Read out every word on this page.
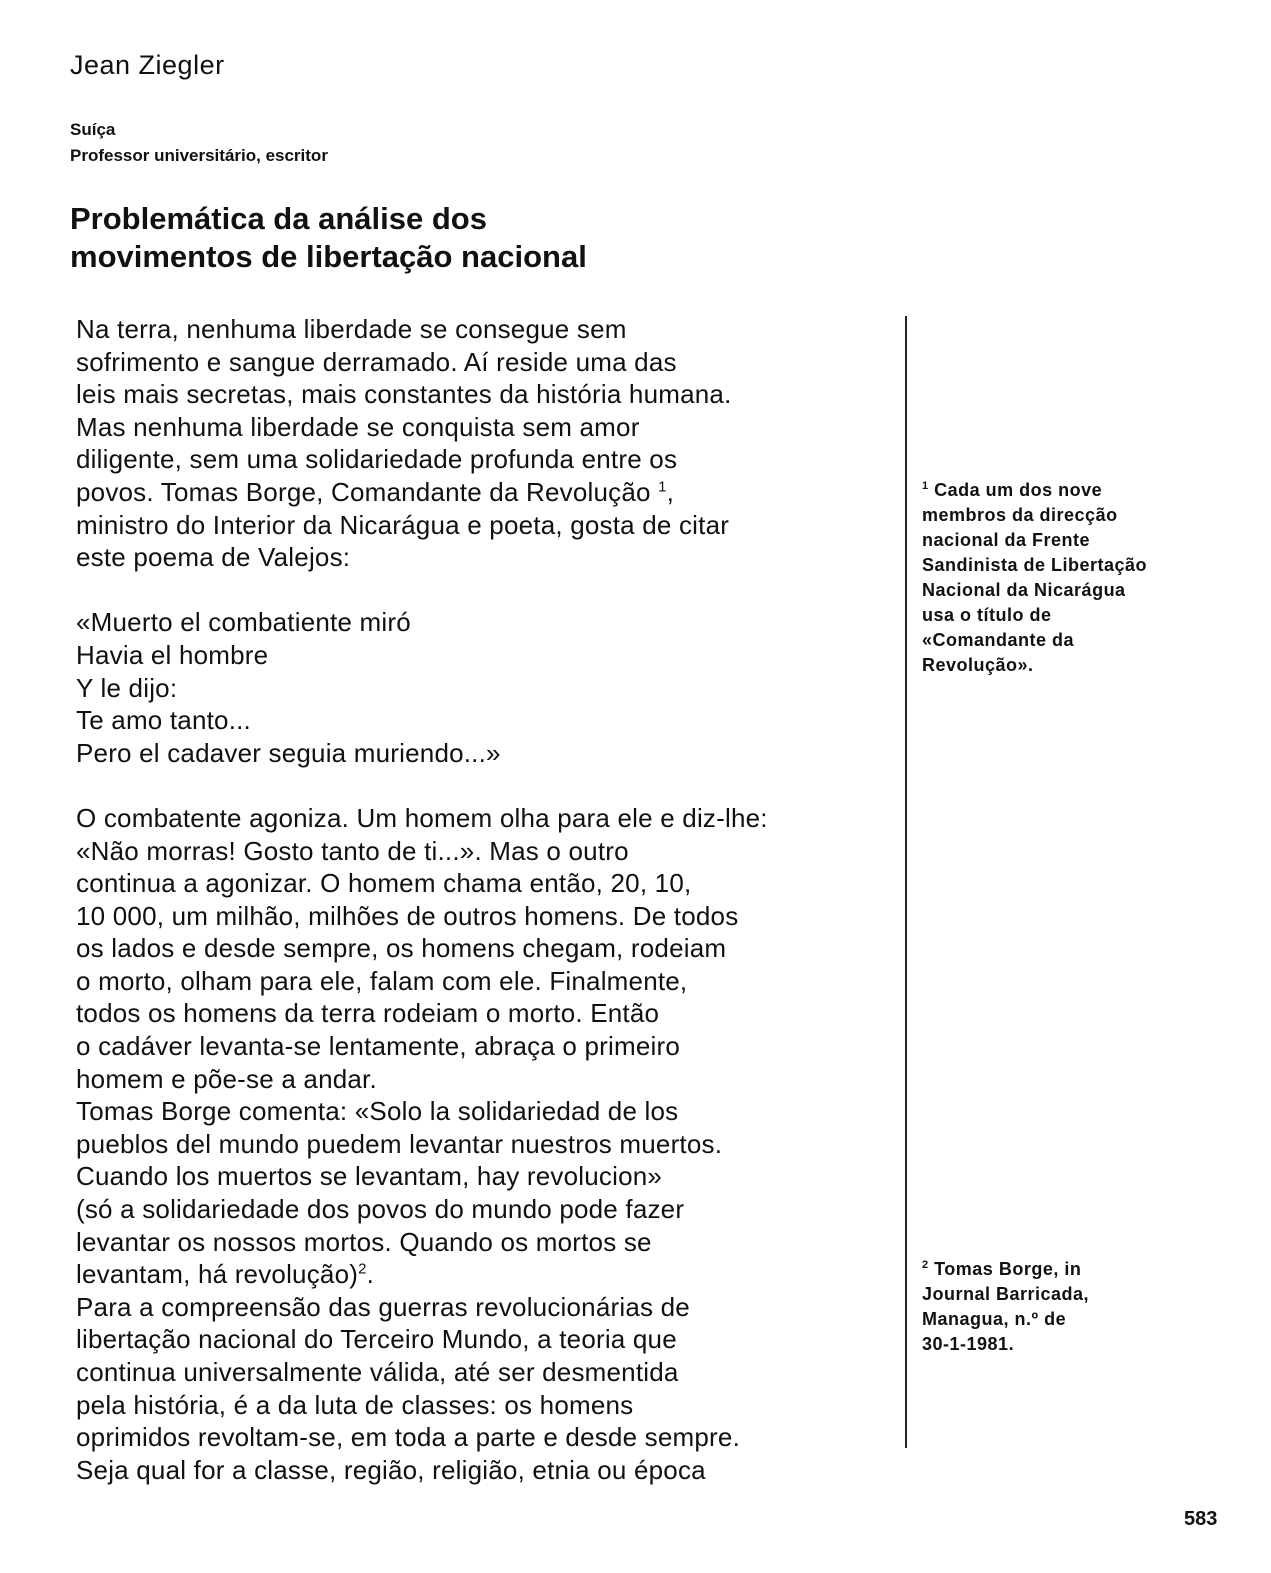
Jean Ziegler
Suíça
Professor universitário, escritor
Problemática da análise dos
movimentos de libertação nacional
Na terra, nenhuma liberdade se consegue sem
sofrimento e sangue derramado. Aí reside uma das
leis mais secretas, mais constantes da história humana.
Mas nenhuma liberdade se conquista sem amor
diligente, sem uma solidariedade profunda entre os
povos. Tomas Borge, Comandante da Revolução $^1$,
ministro do Interior da Nicarágua e poeta, gosta de citar
este poema de Valejos:
«Muerto el combatiente miró
Havia el hombre
Y le dijo:
Te amo tanto...
Pero el cadaver seguia muriendo...»
O combatente agoniza. Um homem olha para ele e diz-lhe:
«Não morras! Gosto tanto de ti...». Mas o outro
continua a agonizar. O homem chama então, 20, 10,
10 000, um milhão, milhões de outros homens. De todos
os lados e desde sempre, os homens chegam, rodeiam
o morto, olham para ele, falam com ele. Finalmente,
todos os homens da terra rodeiam o morto. Então
o cadáver levanta-se lentamente, abraça o primeiro
homem e põe-se a andar.
Tomas Borge comenta: «Solo la solidariedad de los
pueblos del mundo puedem levantar nuestros muertos.
Cuando los muertos se levantam, hay revolucion»
(só a solidariedade dos povos do mundo pode fazer
levantar os nossos mortos. Quando os mortos se
levantam, há revolução)$^2$.
Para a compreensão das guerras revolucionárias de
libertação nacional do Terceiro Mundo, a teoria que
continua universalmente válida, até ser desmentida
pela história, é a da luta de classes: os homens
oprimidos revoltam-se, em toda a parte e desde sempre.
Seja qual for a classe, região, religião, etnia ou época
$^1$ Cada um dos nove
membros da direcção
nacional da Frente
Sandinista de Libertação
Nacional da Nicarágua
usa o título de
«Comandante da
Revolução».
$^2$ Tomas Borge, in
Journal Barricada,
Managua, n.º de
30-1-1981.
583
